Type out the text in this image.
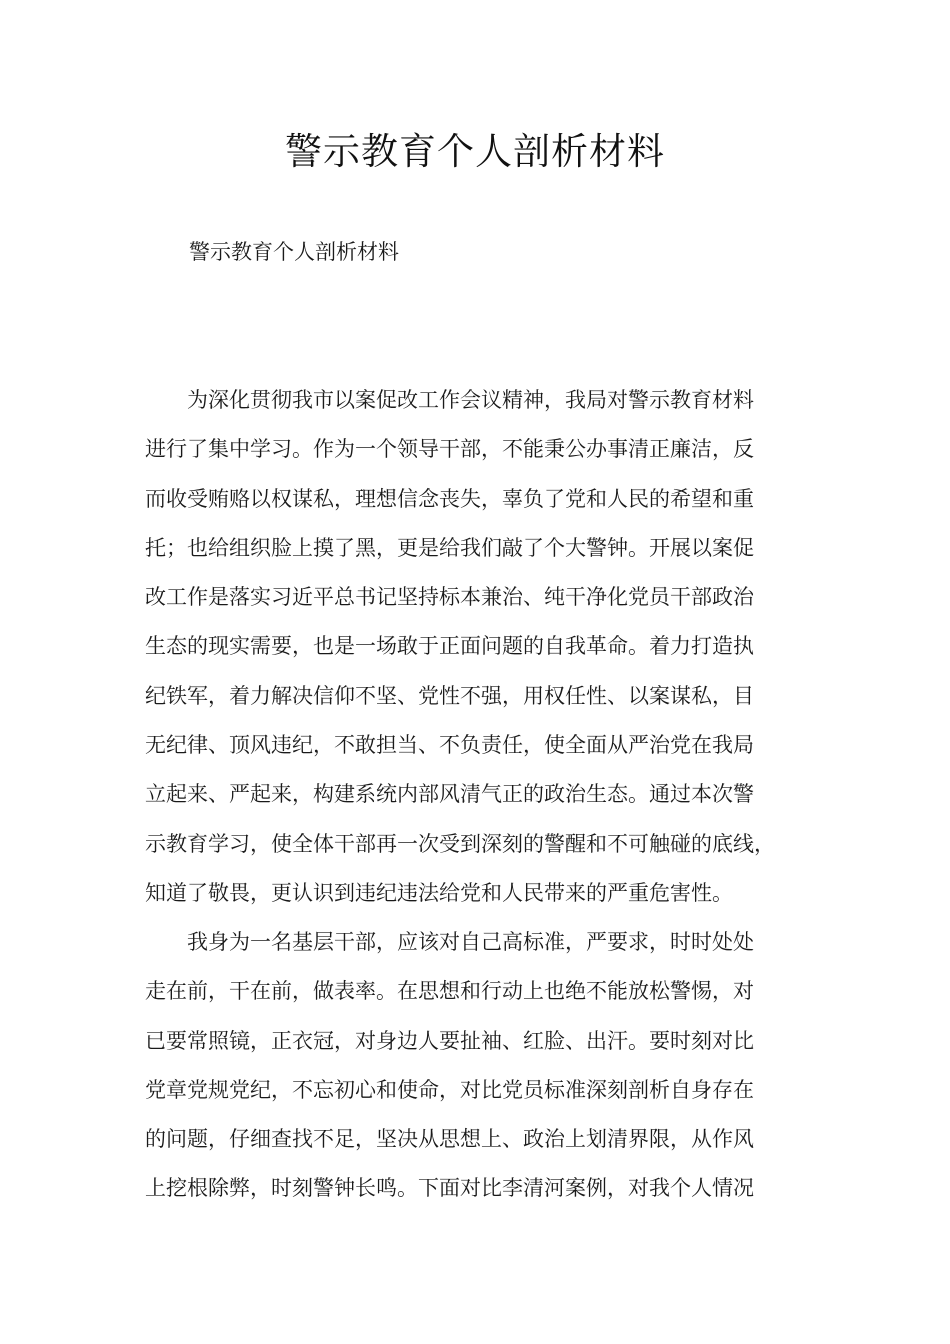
警示教育个人剖析材料

警示教育个人剖析材料

　　为深化贯彻我市以案促改工作会议精神，我局对警示教育材料
进行了集中学习。作为一个领导干部，不能秉公办事清正廉洁，反
而收受贿赂以权谋私，理想信念丧失，辜负了党和人民的希望和重
托；也给组织脸上摸了黑，更是给我们敲了个大警钟。开展以案促
改工作是落实习近平总书记坚持标本兼治、纯干净化党员干部政治
生态的现实需要，也是一场敢于正面问题的自我革命。着力打造执
纪铁军，着力解决信仰不坚、党性不强，用权任性、以案谋私，目
无纪律、顶风违纪，不敢担当、不负责任，使全面从严治党在我局
立起来、严起来，构建系统内部风清气正的政治生态。通过本次警
示教育学习，使全体干部再一次受到深刻的警醒和不可触碰的底线，
知道了敬畏，更认识到违纪违法给党和人民带来的严重危害性。
　　我身为一名基层干部，应该对自己高标准，严要求，时时处处
走在前，干在前，做表率。在思想和行动上也绝不能放松警惕，对
已要常照镜，正衣冠，对身边人要扯袖、红脸、出汗。要时刻对比
党章党规党纪，不忘初心和使命，对比党员标准深刻剖析自身存在
的问题，仔细查找不足，坚决从思想上、政治上划清界限，从作风
上挖根除弊，时刻警钟长鸣。下面对比李清河案例，对我个人情况
